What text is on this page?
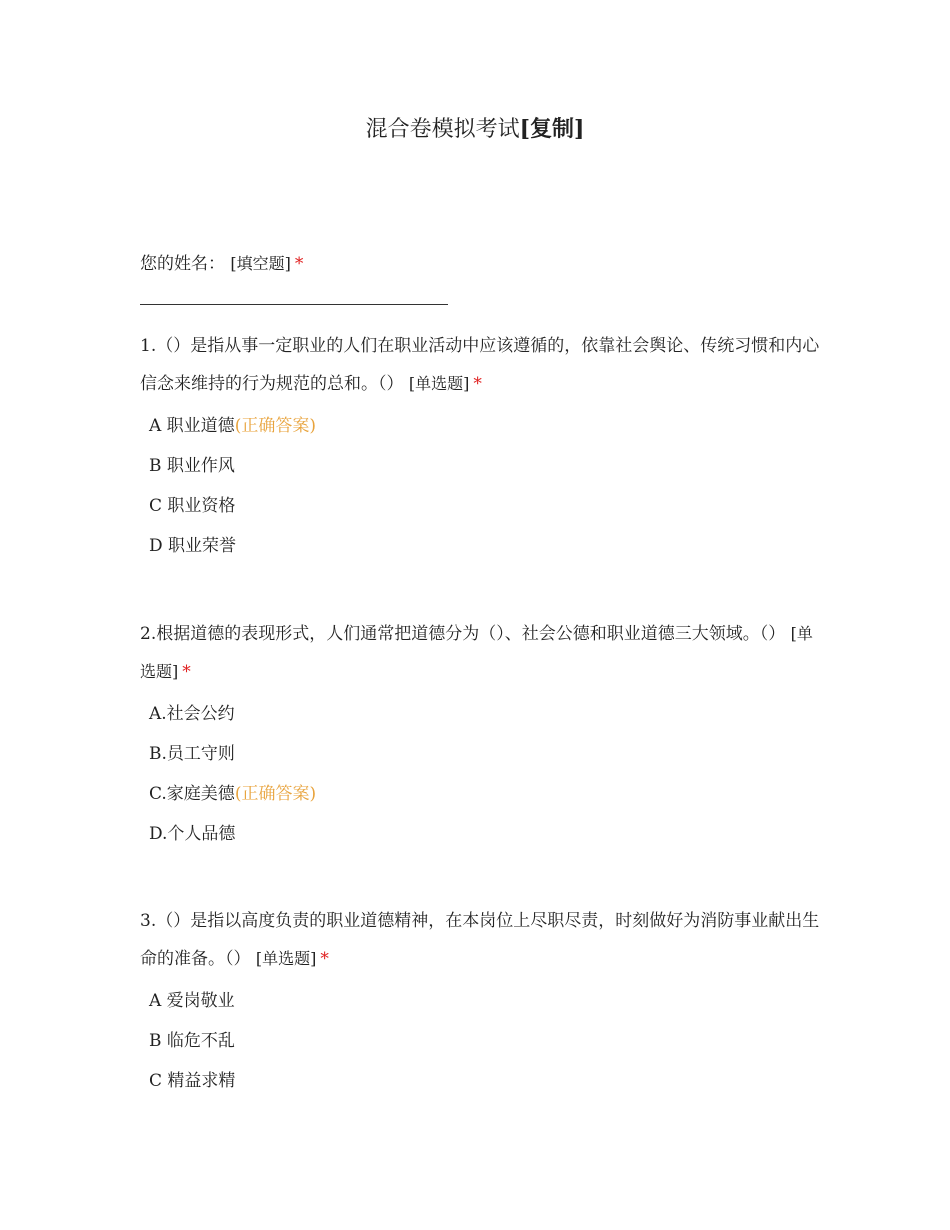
混合卷模拟考试[复制]
您的姓名： [填空题] *
1.（）是指从事一定职业的人们在职业活动中应该遵循的，依靠社会舆论、传统习惯和内心信念来维持的行为规范的总和。（） [单选题] *
A 职业道德(正确答案)
B 职业作风
C 职业资格
D 职业荣誉
2.根据道德的表现形式，人们通常把道德分为（）、社会公德和职业道德三大领域。（） [单选题] *
A.社会公约
B.员工守则
C.家庭美德(正确答案)
D.个人品德
3.（）是指以高度负责的职业道德精神，在本岗位上尽职尽责，时刻做好为消防事业献出生命的准备。（） [单选题] *
A 爱岗敬业
B 临危不乱
C 精益求精
